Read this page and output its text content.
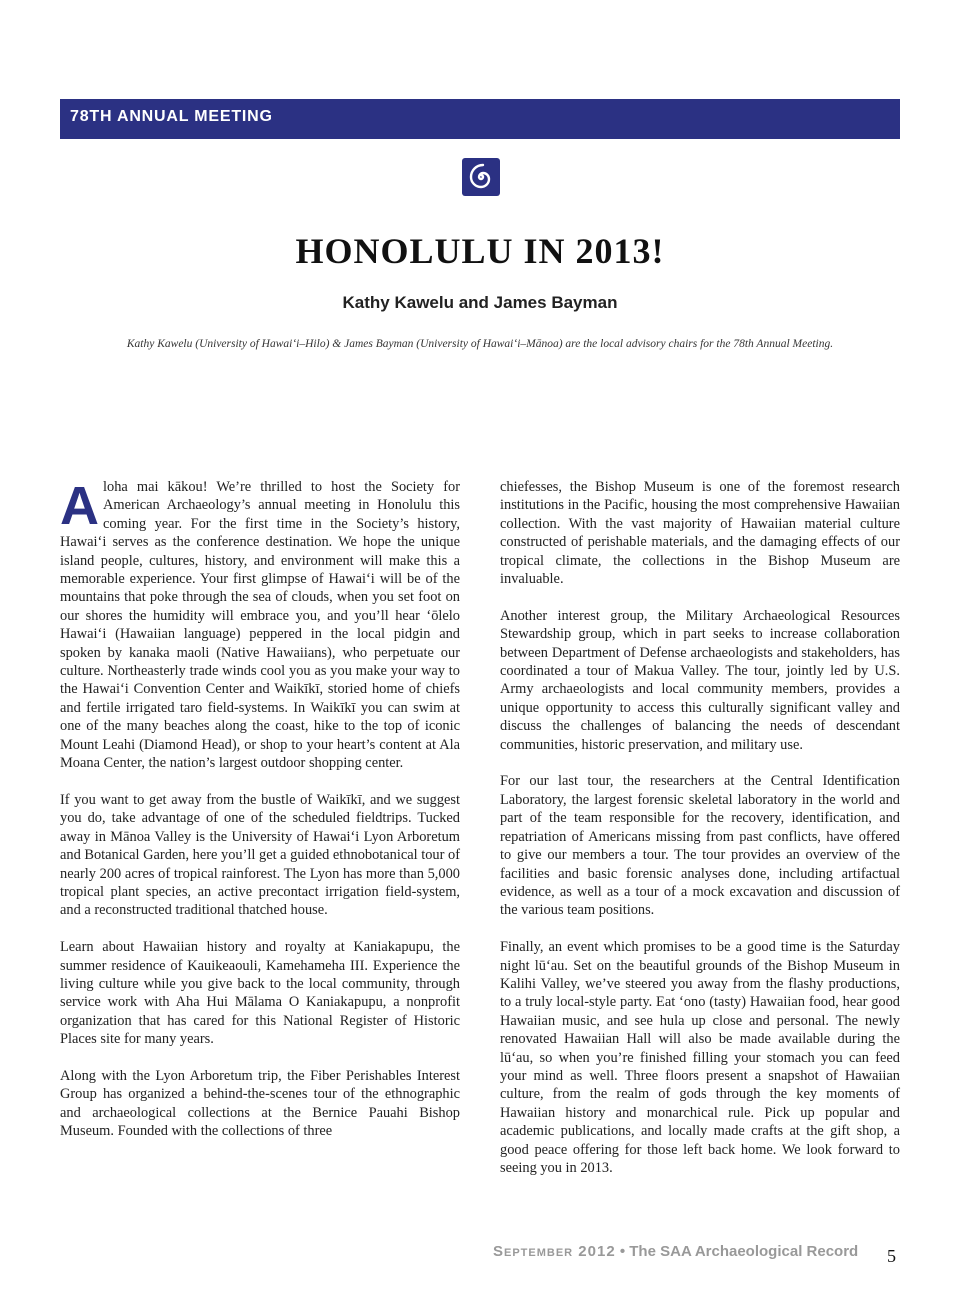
78TH ANNUAL MEETING
HONOLULU IN 2013!
Kathy Kawelu and James Bayman
Kathy Kawelu (University of Hawai‘i–Hilo) & James Bayman (University of Hawai‘i–Mānoa) are the local advisory chairs for the 78th Annual Meeting.

Aloha mai kākou! We’re thrilled to host the Society for American Archaeology’s annual meeting in Honolulu this coming year. For the first time in the Society’s history, Hawai‘i serves as the conference destination. We hope the unique island people, cultures, history, and environment will make this a memorable experience. Your first glimpse of Hawai‘i will be of the mountains that poke through the sea of clouds, when you set foot on our shores the humidity will embrace you, and you’ll hear ‘ōlelo Hawai‘i (Hawaiian language) peppered in the local pidgin and spoken by kanaka maoli (Native Hawaiians), who perpetuate our culture. Northeasterly trade winds cool you as you make your way to the Hawai‘i Convention Center and Waikīkī, storied home of chiefs and fertile irrigated taro field-systems. In Waikīkī you can swim at one of the many beaches along the coast, hike to the top of iconic Mount Leahi (Diamond Head), or shop to your heart’s content at Ala Moana Center, the nation’s largest outdoor shopping center.

If you want to get away from the bustle of Waikīkī, and we suggest you do, take advantage of one of the scheduled fieldtrips. Tucked away in Mānoa Valley is the University of Hawai‘i Lyon Arboretum and Botanical Garden, here you’ll get a guided ethnobotanical tour of nearly 200 acres of tropical rainforest. The Lyon has more than 5,000 tropical plant species, an active precontact irrigation field-system, and a reconstructed traditional thatched house.

Learn about Hawaiian history and royalty at Kaniakapupu, the summer residence of Kauikeaouli, Kamehameha III. Experience the living culture while you give back to the local community, through service work with Aha Hui Mālama O Kaniakapupu, a nonprofit organization that has cared for this National Register of Historic Places site for many years.

Along with the Lyon Arboretum trip, the Fiber Perishables Interest Group has organized a behind-the-scenes tour of the ethnographic and archaeological collections at the Bernice Pauahi Bishop Museum. Founded with the collections of three

chiefesses, the Bishop Museum is one of the foremost research institutions in the Pacific, housing the most comprehensive Hawaiian collection. With the vast majority of Hawaiian material culture constructed of perishable materials, and the damaging effects of our tropical climate, the collections in the Bishop Museum are invaluable.

Another interest group, the Military Archaeological Resources Stewardship group, which in part seeks to increase collaboration between Department of Defense archaeologists and stakeholders, has coordinated a tour of Makua Valley. The tour, jointly led by U.S. Army archaeologists and local community members, provides a unique opportunity to access this culturally significant valley and discuss the challenges of balancing the needs of descendant communities, historic preservation, and military use.

For our last tour, the researchers at the Central Identification Laboratory, the largest forensic skeletal laboratory in the world and part of the team responsible for the recovery, identification, and repatriation of Americans missing from past conflicts, have offered to give our members a tour. The tour provides an overview of the facilities and basic forensic analyses done, including artifactual evidence, as well as a tour of a mock excavation and discussion of the various team positions.

Finally, an event which promises to be a good time is the Saturday night lū‘au. Set on the beautiful grounds of the Bishop Museum in Kalihi Valley, we’ve steered you away from the flashy productions, to a truly local-style party. Eat ‘ono (tasty) Hawaiian food, hear good Hawaiian music, and see hula up close and personal. The newly renovated Hawaiian Hall will also be made available during the lū‘au, so when you’re finished filling your stomach you can feed your mind as well. Three floors present a snapshot of Hawaiian culture, from the realm of gods through the key moments of Hawaiian history and monarchical rule. Pick up popular and academic publications, and locally made crafts at the gift shop, a good peace offering for those left back home. We look forward to seeing you in 2013.

September 2012 • The SAA Archaeological Record 5
